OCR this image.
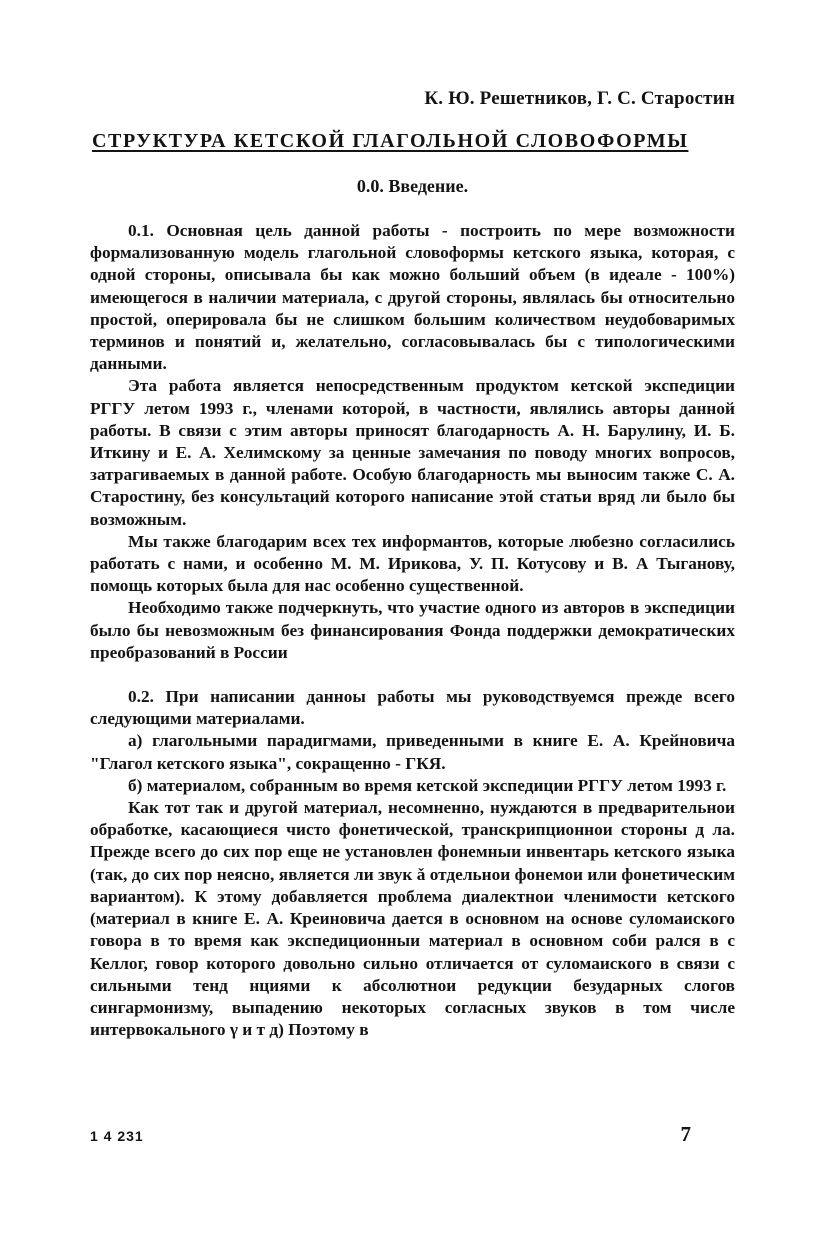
К. Ю. Решетников, Г. С. Старостин
СТРУКТУРА КЕТСКОЙ ГЛАГОЛЬНОЙ СЛОВОФОРМЫ
0.0. Введение.

0.1. Основная цель данной работы - построить по мере возможности формализованную модель глагольной словоформы кетского языка, которая, с одной стороны, описывала бы как можно больший объем (в идеале - 100%) имеющегося в наличии материала, с другой стороны, являлась бы относительно простой, оперировала бы не слишком большим количеством неудобоваримых терминов и понятий и, желательно, согласовывалась бы с типологическими данными.

Эта работа является непосредственным продуктом кетской экспедиции РГГУ летом 1993 г., членами которой, в частности, являлись авторы данной работы. В связи с этим авторы приносят благодарность А. Н. Барулину, И. Б. Иткину и Е. А. Хелимскому за ценные замечания по поводу многих вопросов, затрагиваемых в данной работе. Особую благодарность мы выносим также С. А. Старостину, без консультаций которого написание этой статьи вряд ли было бы возможным.

Мы также благодарим всех тех информантов, которые любезно согласились работать с нами, и особенно М. М. Ирикова, У. П. Котусову и В. А Тыганову, помощь которых была для нас особенно существенной.

Необходимо также подчеркнуть, что участие одного из авторов в экспедиции было бы невозможным без финансирования Фонда поддержки демократических преобразований в России

0.2. При написании данноы работы мы руководствуемся прежде всего следующими материалами.

а) глагольными парадигмами, приведенными в книге Е. А. Крейновича "Глагол кетского языка", сокращенно - ГКЯ.

б) материалом, собранным во время кетской экспедиции РГГУ летом 1993 г.

Как тот так и другой материал, несомненно, нуждаются в предварительнои обработке, касающиеся чисто фонетической, транскрипционнои стороны д ла. Прежде всего до сих пор еще не установлен фонемныи инвентарь кетского языка (так, до сих пор неясно, является ли звук ǎ отдельнои фонемои или фонетическим вариантом). К этому добавляется проблема диалектнои членимости кетского (материал в книге Е. А. Креиновича дается в основном на основе суломаиского говора в то время как экспедиционныи материал в основном соби рался в с Келлог, говор которого довольно сильно отличается от суломаиского в связи с сильными тенд нциями к абсолютнои редукции безударных слогов сингармонизму, выпадению некоторых согласных звуков в том числе интервокального γ и т д) Поэтому в

1 4 231	7
